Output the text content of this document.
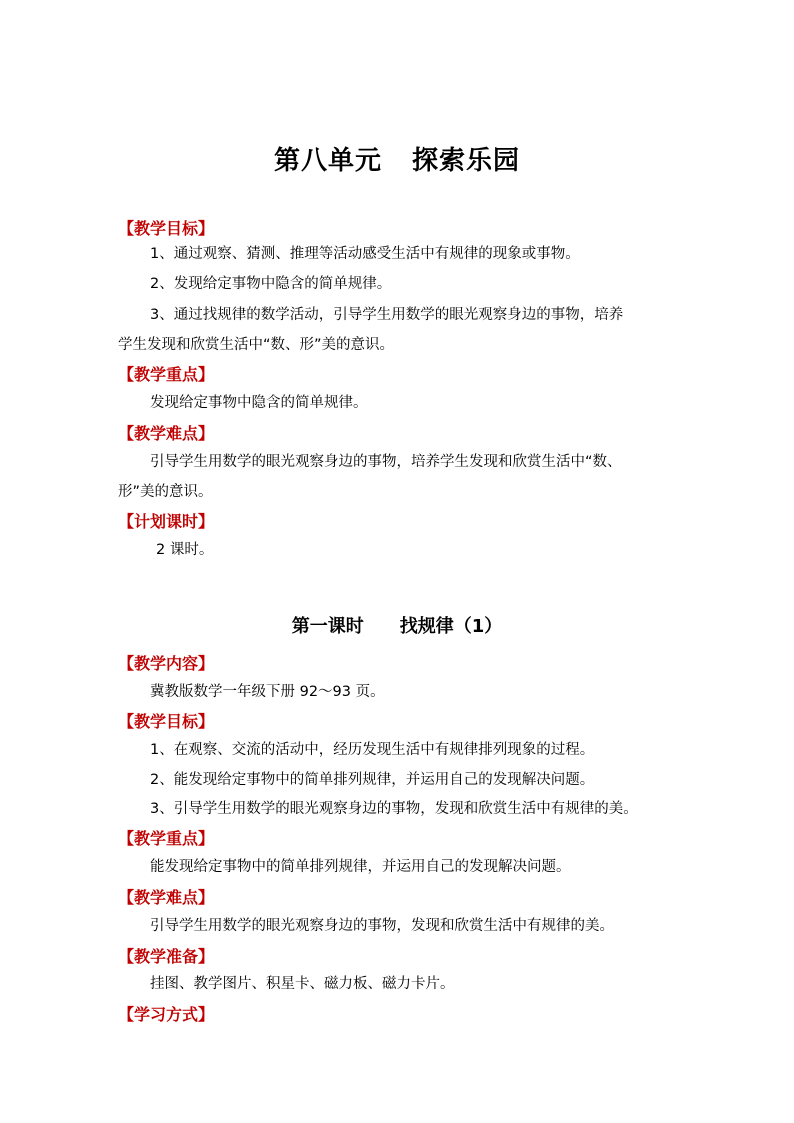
第八单元 探索乐园
【教学目标】
1、通过观察、猜测、推理等活动感受生活中有规律的现象或事物。
2、发现给定事物中隐含的简单规律。
3、通过找规律的数学活动，引导学生用数学的眼光观察身边的事物，培养
学生发现和欣赏生活中“数、形”美的意识。
【教学重点】
发现给定事物中隐含的简单规律。
【教学难点】
引导学生用数学的眼光观察身边的事物，培养学生发现和欣赏生活中“数、
形”美的意识。
【计划课时】
2 课时。
第一课时 找规律（1）
【教学内容】
冀教版数学一年级下册 92～93 页。
【教学目标】
1、在观察、交流的活动中，经历发现生活中有规律排列现象的过程。
2、能发现给定事物中的简单排列规律，并运用自己的发现解决问题。
3、引导学生用数学的眼光观察身边的事物，发现和欣赏生活中有规律的美。
【教学重点】
能发现给定事物中的简单排列规律，并运用自己的发现解决问题。
【教学难点】
引导学生用数学的眼光观察身边的事物，发现和欣赏生活中有规律的美。
【教学准备】
挂图、教学图片、积星卡、磁力板、磁力卡片。
【学习方式】
